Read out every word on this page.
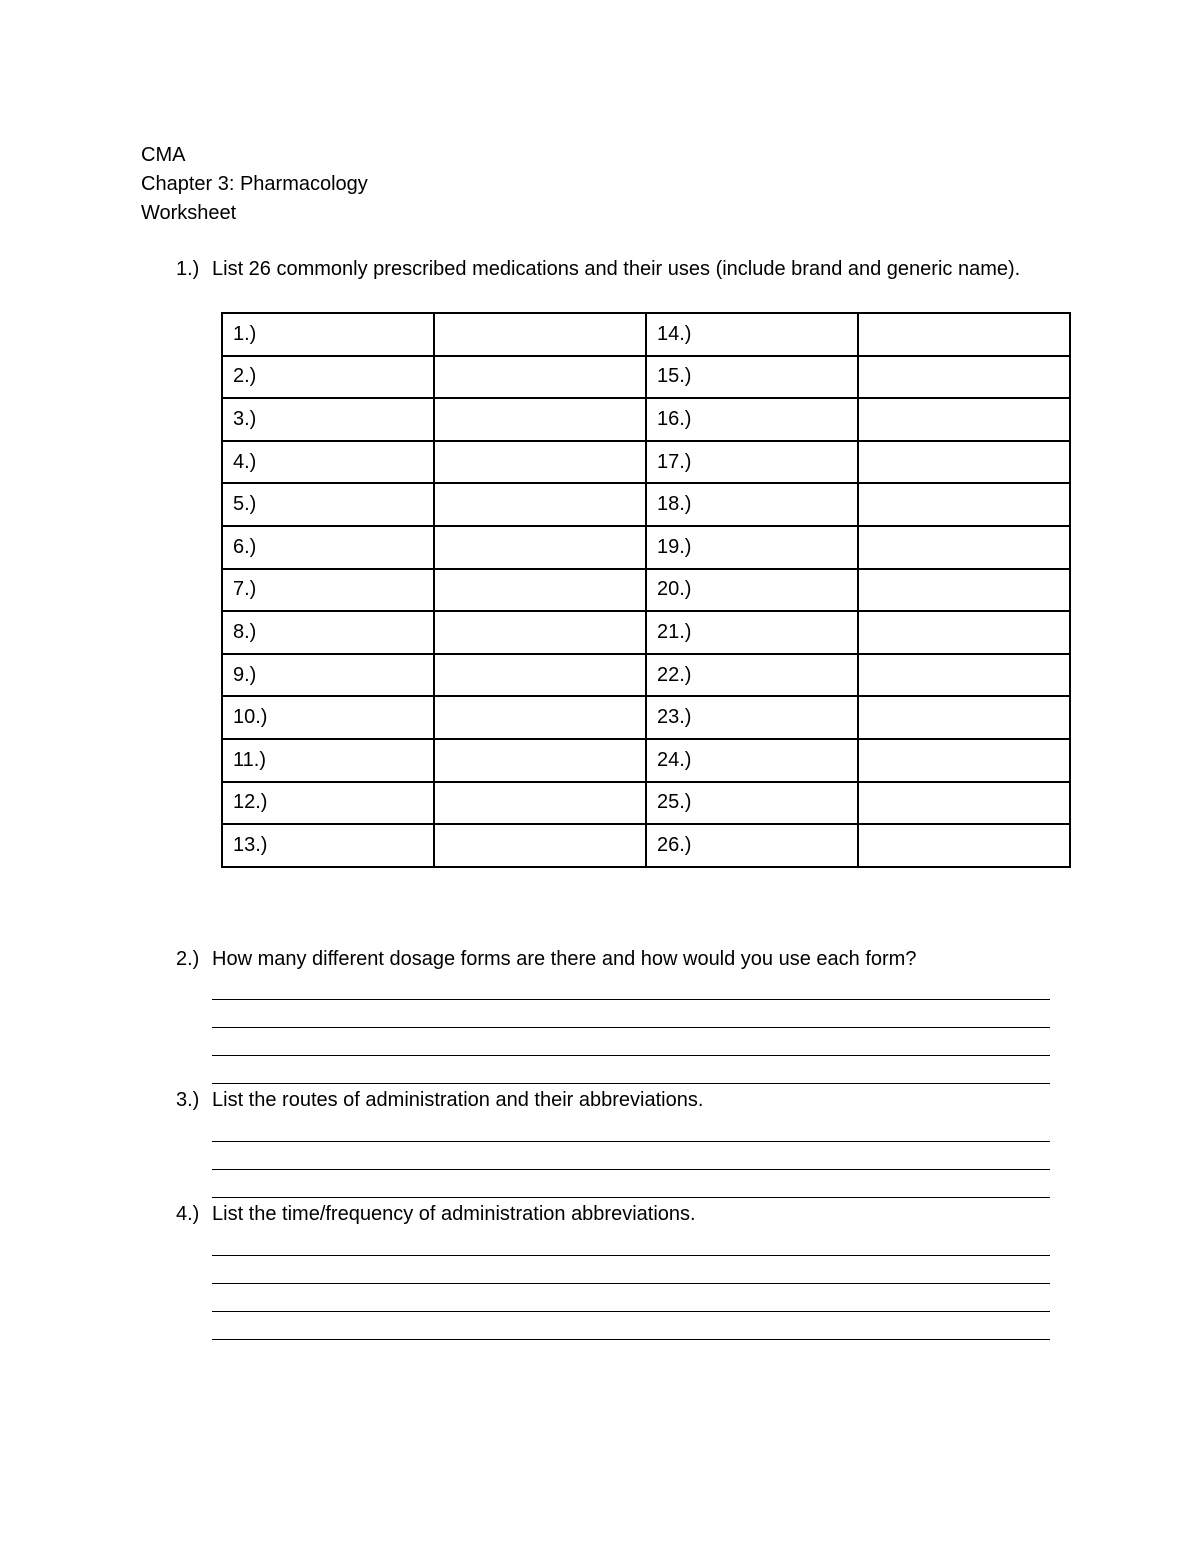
CMA
Chapter 3: Pharmacology
Worksheet
1.) List 26 commonly prescribed medications and their uses (include brand and generic name).
1.)		14.)	
2.)		15.)	
3.)		16.)	
4.)		17.)	
5.)		18.)	
6.)		19.)	
7.)		20.)	
8.)		21.)	
9.)		22.)	
10.)		23.)	
11.)		24.)	
12.)		25.)	
13.)		26.)	
2.) How many different dosage forms are there and how would you use each form?
3.) List the routes of administration and their abbreviations.
4.) List the time/frequency of administration abbreviations.
